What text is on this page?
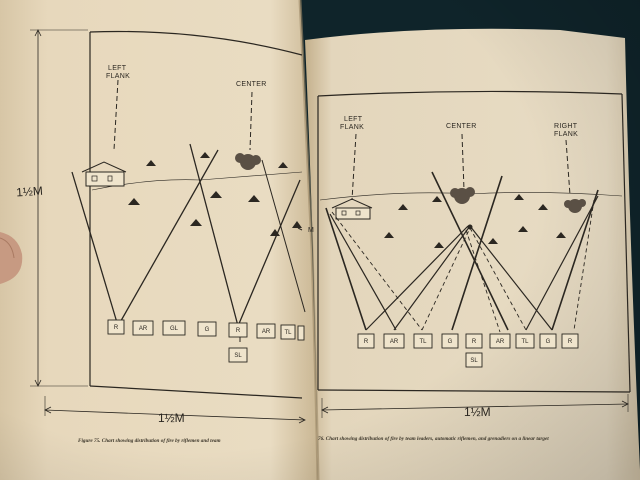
LEFT
FLANK
CENTER
1½M
M
1½M
R	AR	GL	G	R	AR TL
SL
Figure 75. Chart showing distribution of fire by riflemen and team
LEFT
FLANK	CENTER	RIGHT
FLANK
1½M
R	AR	TL	G	R	AR	TL	G	R
SL
76. Chart showing distribution of fire by team leaders, automatic riflemen, and grenadiers on a linear target
